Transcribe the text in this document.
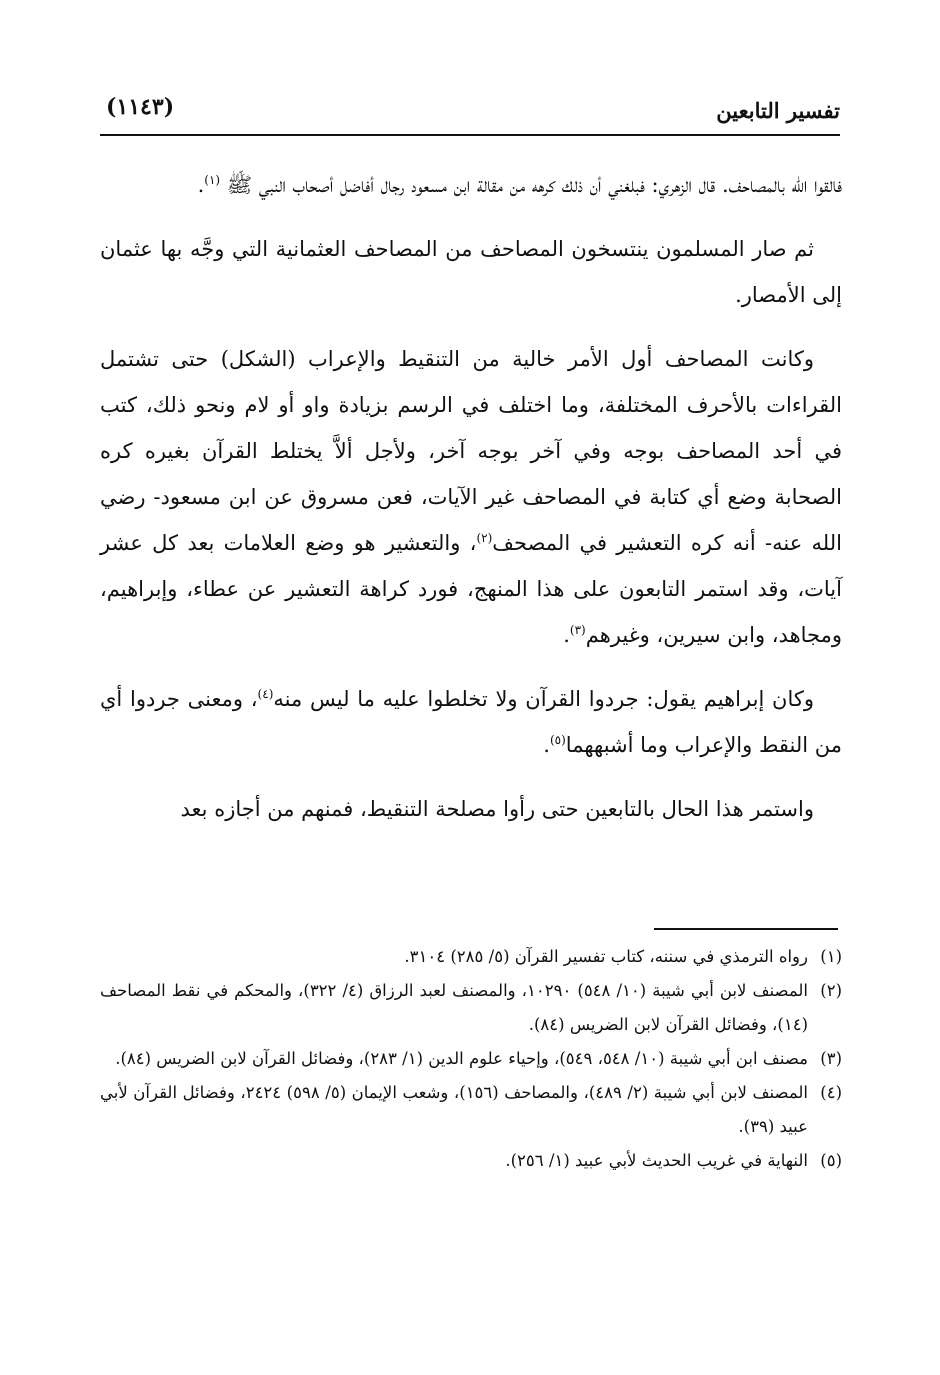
تفسير التابعين
(١١٤٣)

فالقوا الله بالمصاحف. قال الزهري: فبلغني أن ذلك كرهه من مقالة ابن مسعود رجال أفاضل أصحاب النبي ﷺ $^{(١)}$.

ثم صار المسلمون ينتسخون المصاحف من المصاحف العثمانية التي وجَّه بها عثمان إلى الأمصار.

وكانت المصاحف أول الأمر خالية من التنقيط والإعراب (الشكل) حتى تشتمل القراءات بالأحرف المختلفة، وما اختلف في الرسم بزيادة واو أو لام ونحو ذلك، كتب في أحد المصاحف بوجه وفي آخر بوجه آخر، ولأجل ألاَّ يختلط القرآن بغيره كره الصحابة وضع أي كتابة في المصاحف غير الآيات، فعن مسروق عن ابن مسعود- رضي الله عنه- أنه كره التعشير في المصحف$^{(٢)}$، والتعشير هو وضع العلامات بعد كل عشر آيات، وقد استمر التابعون على هذا المنهج، فورد كراهة التعشير عن عطاء، وإبراهيم، ومجاهد، وابن سيرين، وغيرهم$^{(٣)}$.

وكان إبراهيم يقول: جردوا القرآن ولا تخلطوا عليه ما ليس منه$^{(٤)}$، ومعنى جردوا أي من النقط والإعراب وما أشبههما$^{(٥)}$.

واستمر هذا الحال بالتابعين حتى رأوا مصلحة التنقيط، فمنهم من أجازه بعد

(١)
رواه الترمذي في سننه، كتاب تفسير القرآن (٥/ ٢٨٥) ٣١٠٤.

(٢)
المصنف لابن أبي شيبة (١٠/ ٥٤٨) ١٠٢٩٠، والمصنف لعبد الرزاق (٤/ ٣٢٢)، والمحكم في نقط المصاحف (١٤)، وفضائل القرآن لابن الضريس (٨٤).

(٣)
مصنف ابن أبي شيبة (١٠/ ٥٤٨، ٥٤٩)، وإحياء علوم الدين (١/ ٢٨٣)، وفضائل القرآن لابن الضريس (٨٤).

(٤)
المصنف لابن أبي شيبة (٢/ ٤٨٩)، والمصاحف (١٥٦)، وشعب الإيمان (٥/ ٥٩٨) ٢٤٢٤، وفضائل القرآن لأبي عبيد (٣٩).

(٥)
النهاية في غريب الحديث لأبي عبيد (١/ ٢٥٦).
